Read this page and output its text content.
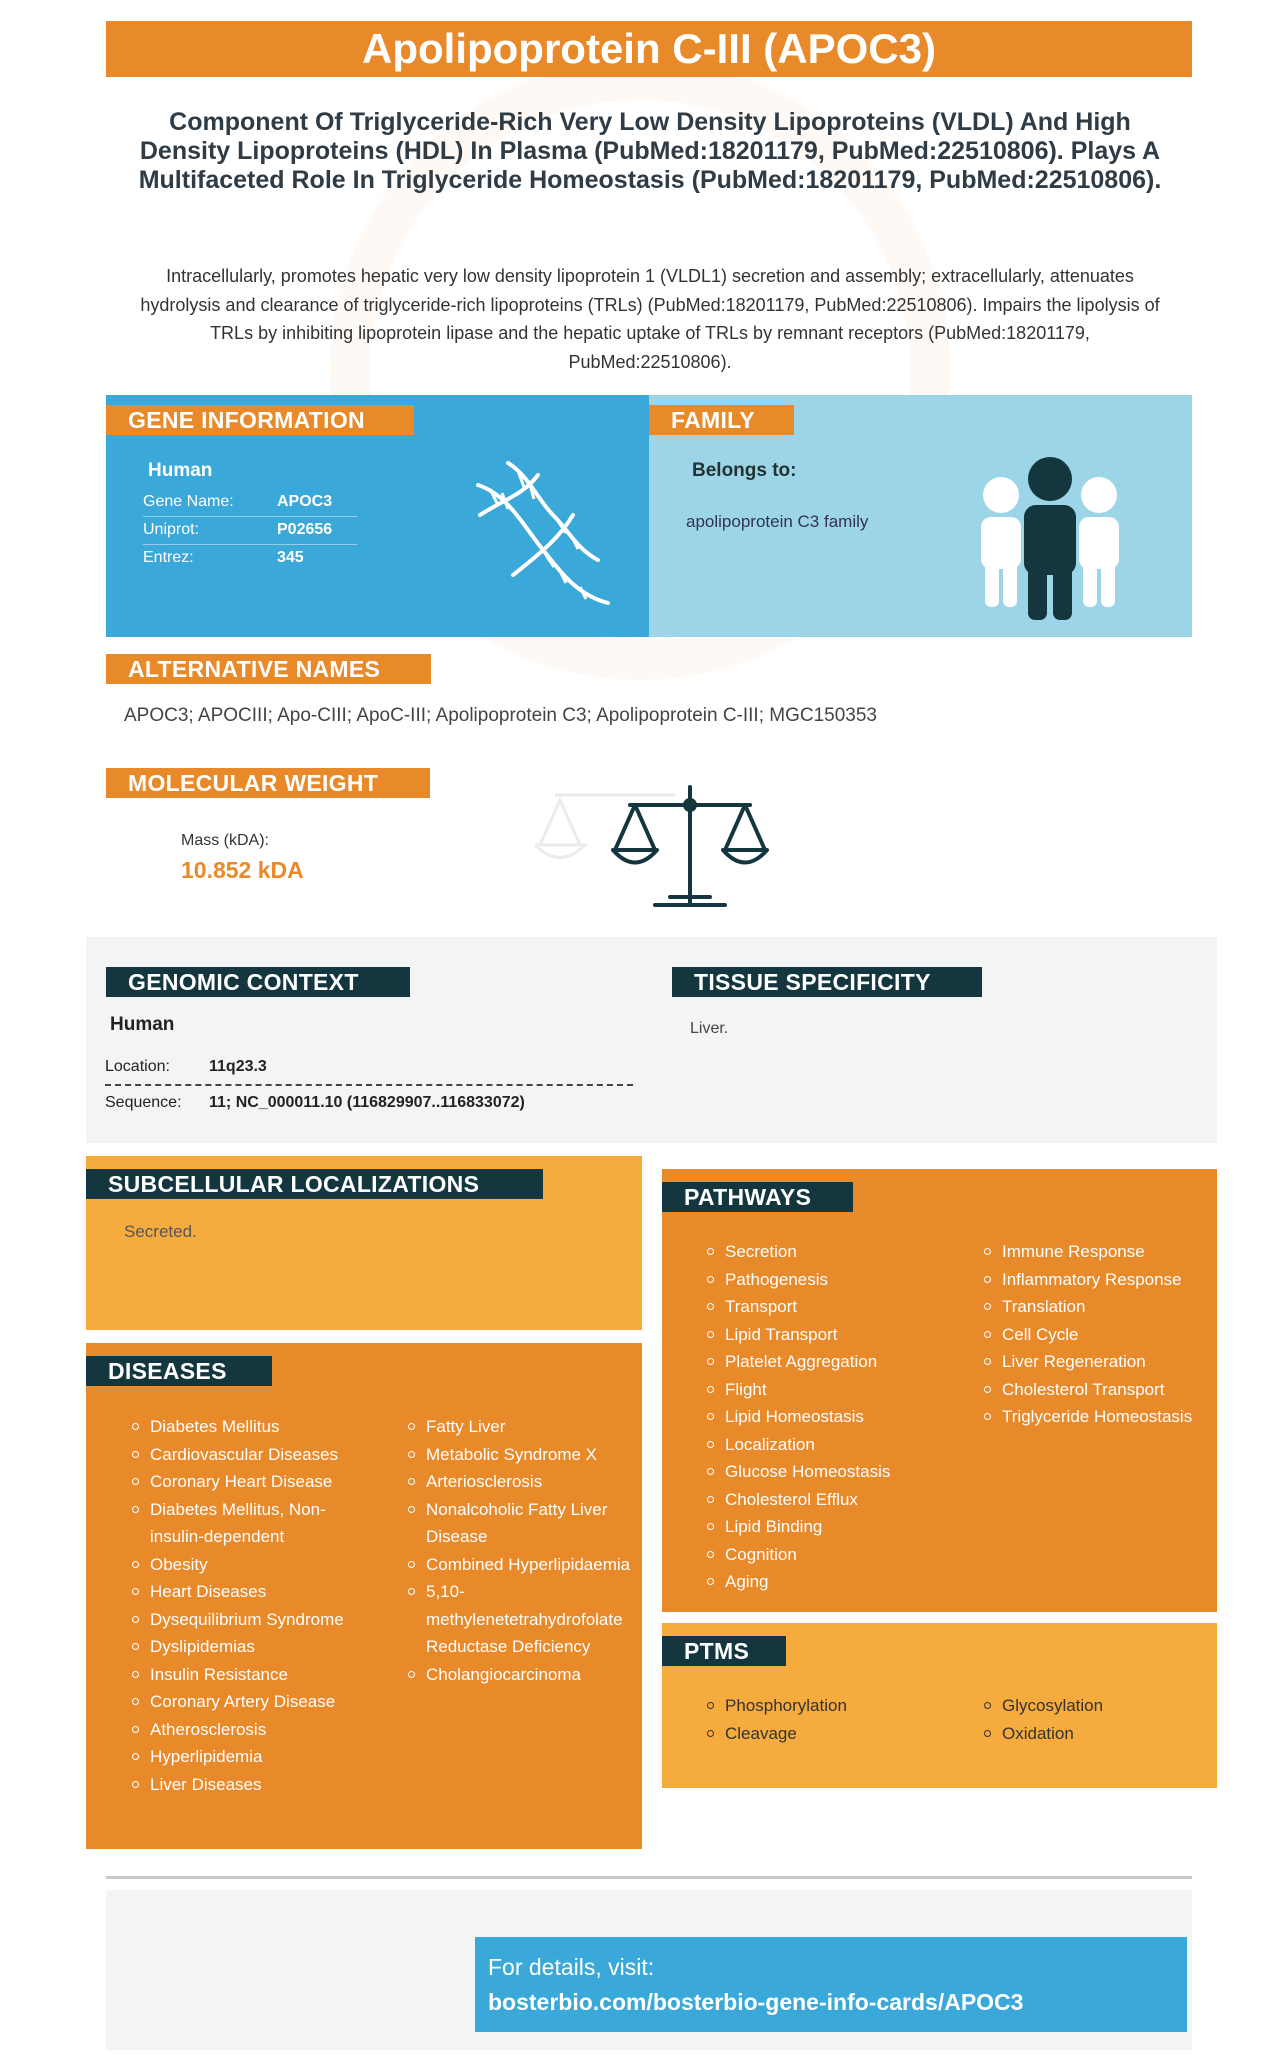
Apolipoprotein C-III (APOC3)
Component Of Triglyceride-Rich Very Low Density Lipoproteins (VLDL) And High Density Lipoproteins (HDL) In Plasma (PubMed:18201179, PubMed:22510806). Plays A Multifaceted Role In Triglyceride Homeostasis (PubMed:18201179, PubMed:22510806).
Intracellularly, promotes hepatic very low density lipoprotein 1 (VLDL1) secretion and assembly; extracellularly, attenuates hydrolysis and clearance of triglyceride-rich lipoproteins (TRLs) (PubMed:18201179, PubMed:22510806). Impairs the lipolysis of TRLs by inhibiting lipoprotein lipase and the hepatic uptake of TRLs by remnant receptors (PubMed:18201179, PubMed:22510806).
GENE INFORMATION
Human
Gene Name:	APOC3
Uniprot:	P02656
Entrez:	345
FAMILY
Belongs to:
apolipoprotein C3 family
ALTERNATIVE NAMES
APOC3; APOCIII; Apo-CIII; ApoC-III; Apolipoprotein C3; Apolipoprotein C-III; MGC150353
MOLECULAR WEIGHT
Mass (kDA):
10.852 kDA
GENOMIC CONTEXT	TISSUE SPECIFICITY
Human
Location: 11q23.3
Sequence: 11; NC_000011.10 (116829907..116833072)
Liver.
SUBCELLULAR LOCALIZATIONS
Secreted.
DISEASES
Diabetes Mellitus
Cardiovascular Diseases
Coronary Heart Disease
Diabetes Mellitus, Non-insulin-dependent
Obesity
Heart Diseases
Dysequilibrium Syndrome
Dyslipidemias
Insulin Resistance
Coronary Artery Disease
Atherosclerosis
Hyperlipidemia
Liver Diseases
Fatty Liver
Metabolic Syndrome X
Arteriosclerosis
Nonalcoholic Fatty Liver Disease
Combined Hyperlipidaemia
5,10-methylenetetrahydrofolate Reductase Deficiency
Cholangiocarcinoma
PATHWAYS
Secretion
Pathogenesis
Transport
Lipid Transport
Platelet Aggregation
Flight
Lipid Homeostasis
Localization
Glucose Homeostasis
Cholesterol Efflux
Lipid Binding
Cognition
Aging
Immune Response
Inflammatory Response
Translation
Cell Cycle
Liver Regeneration
Cholesterol Transport
Triglyceride Homeostasis
PTMS
Phosphorylation
Cleavage
Glycosylation
Oxidation
For details, visit:
bosterbio.com/bosterbio-gene-info-cards/APOC3
